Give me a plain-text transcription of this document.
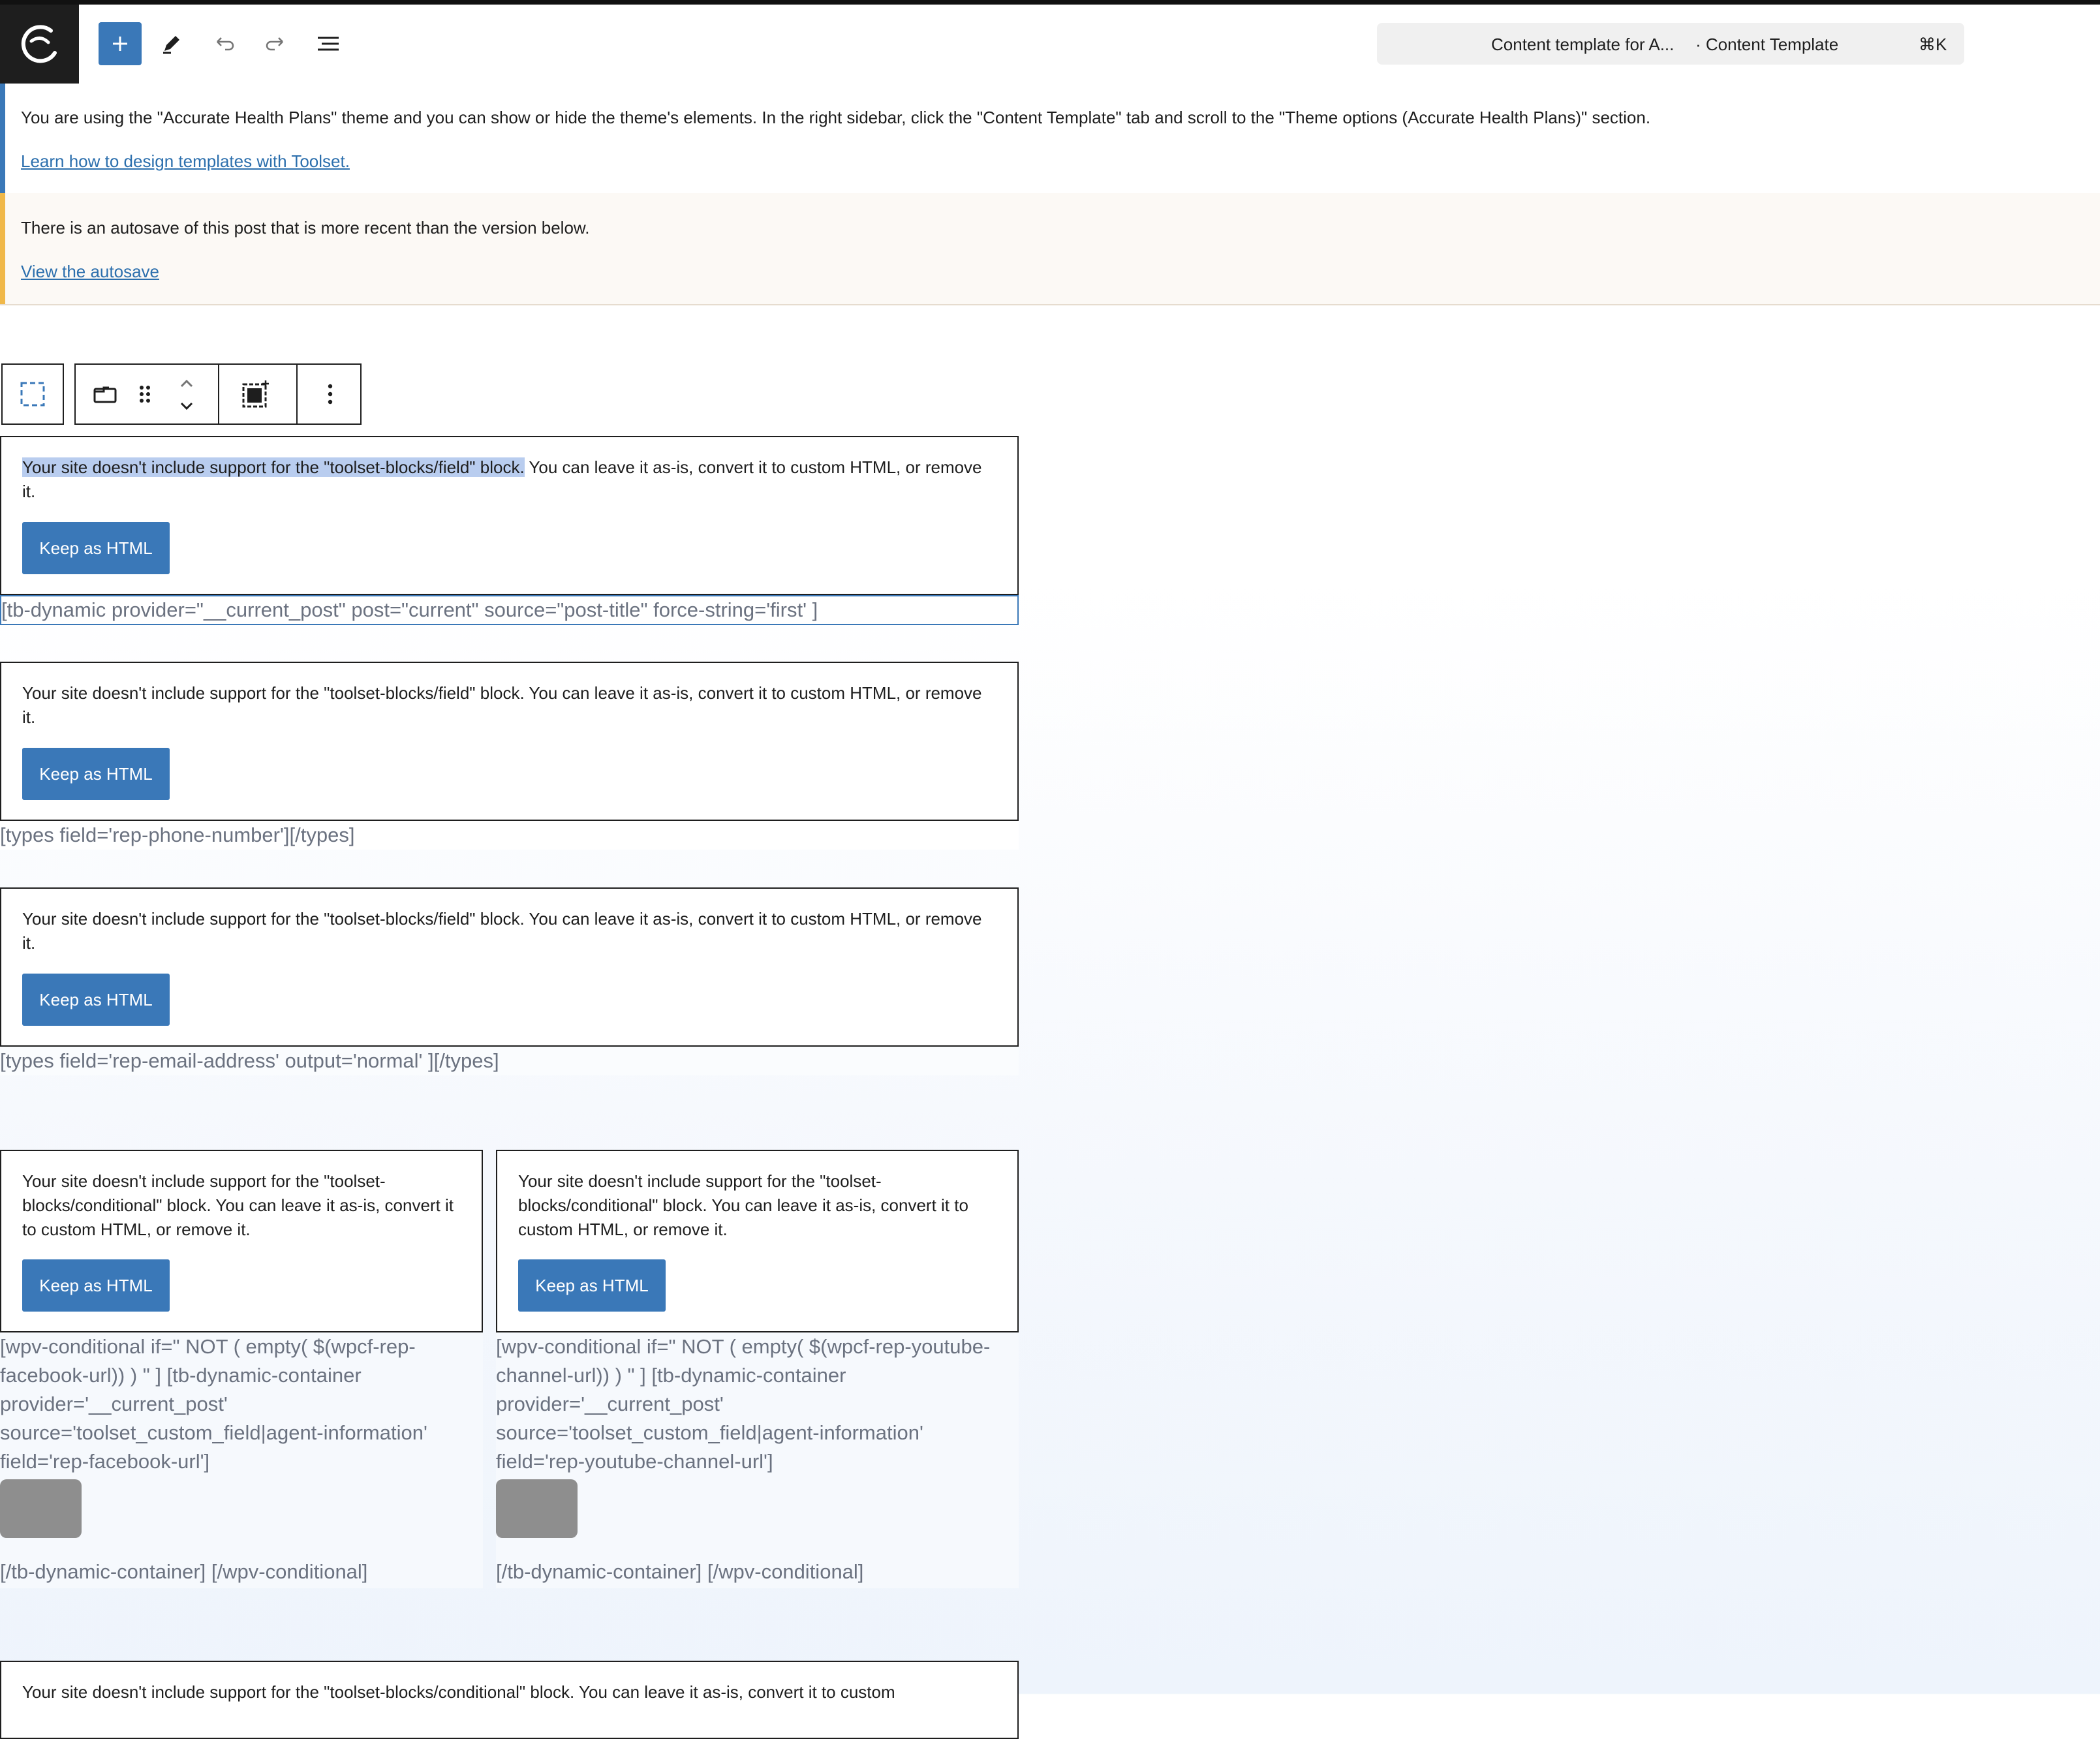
Content template for A... · Content Template	⌘K
You are using the "Accurate Health Plans" theme and you can show or hide the theme's elements. In the right sidebar, click the "Content Template" tab and scroll to the "Theme options (Accurate Health Plans)" section.
Learn how to design templates with Toolset.
There is an autosave of this post that is more recent than the version below.
View the autosave
Your site doesn't include support for the "toolset-blocks/field" block. You can leave it as-is, convert it to custom HTML, or remove it.
Keep as HTML
[tb-dynamic provider="__current_post" post="current" source="post-title" force-string='first' ]
Your site doesn't include support for the "toolset-blocks/field" block. You can leave it as-is, convert it to custom HTML, or remove it.
Keep as HTML
[types field='rep-phone-number'][/types]
Your site doesn't include support for the "toolset-blocks/field" block. You can leave it as-is, convert it to custom HTML, or remove it.
Keep as HTML
[types field='rep-email-address' output='normal' ][/types]
Your site doesn't include support for the "toolset-blocks/conditional" block. You can leave it as-is, convert it to custom HTML, or remove it.
Keep as HTML
[wpv-conditional if=" NOT ( empty( $(wpcf-rep-facebook-url)) ) " ] [tb-dynamic-container provider='__current_post' source='toolset_custom_field|agent-information' field='rep-facebook-url']
[/tb-dynamic-container] [/wpv-conditional]
Your site doesn't include support for the "toolset-blocks/conditional" block. You can leave it as-is, convert it to custom HTML, or remove it.
Keep as HTML
[wpv-conditional if=" NOT ( empty( $(wpcf-rep-youtube-channel-url)) ) " ] [tb-dynamic-container provider='__current_post' source='toolset_custom_field|agent-information' field='rep-youtube-channel-url']
[/tb-dynamic-container] [/wpv-conditional]
Your site doesn't include support for the "toolset-blocks/conditional" block. You can leave it as-is, convert it to custom
